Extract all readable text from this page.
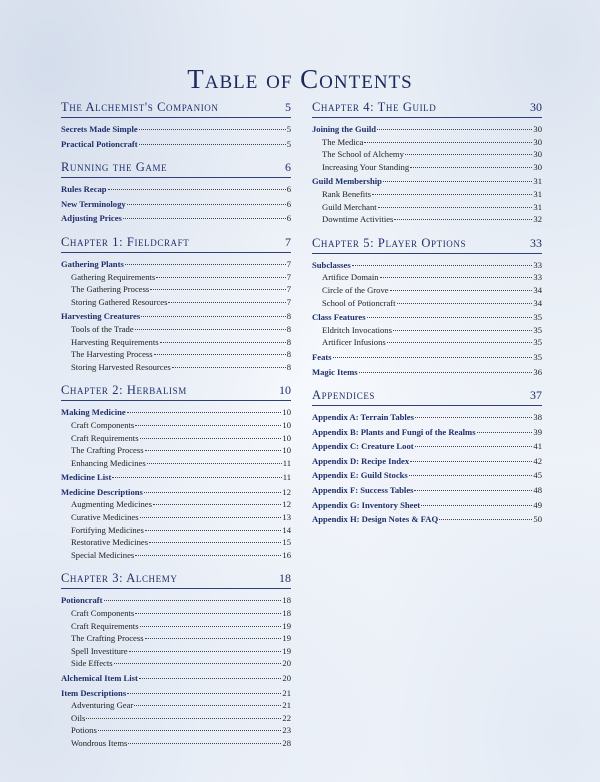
Table of Contents
The Alchemist's Companion	5
Secrets Made Simple	5
Practical Potioncraft	5
Running the Game	6
Rules Recap	6
New Terminology	6
Adjusting Prices	6
Chapter 1: Fieldcraft	7
Gathering Plants	7
Gathering Requirements	7
The Gathering Process	7
Storing Gathered Resources	7
Harvesting Creatures	8
Tools of the Trade	8
Harvesting Requirements	8
The Harvesting Process	8
Storing Harvested Resources	8
Chapter 2: Herbalism	10
Making Medicine	10
Craft Components	10
Craft Requirements	10
The Crafting Process	10
Enhancing Medicines	11
Medicine List	11
Medicine Descriptions	12
Augmenting Medicines	12
Curative Medicines	13
Fortifying Medicines	14
Restorative Medicines	15
Special Medicines	16
Chapter 3: Alchemy	18
Potioncraft	18
Craft Components	18
Craft Requirements	19
The Crafting Process	19
Spell Investiture	19
Side Effects	20
Alchemical Item List	20
Item Descriptions	21
Adventuring Gear	21
Oils	22
Potions	23
Wondrous Items	28
Chapter 4: The Guild	30
Joining the Guild	30
The Medica	30
The School of Alchemy	30
Increasing Your Standing	30
Guild Membership	31
Rank Benefits	31
Guild Merchant	31
Downtime Activities	32
Chapter 5: Player Options	33
Subclasses	33
Artifice Domain	33
Circle of the Grove	34
School of Potioncraft	34
Class Features	35
Eldritch Invocations	35
Artificer Infusions	35
Feats	35
Magic Items	36
Appendices	37
Appendix A: Terrain Tables	38
Appendix B: Plants and Fungi of the Realms	39
Appendix C: Creature Loot	41
Appendix D: Recipe Index	42
Appendix E: Guild Stocks	45
Appendix F: Success Tables	48
Appendix G: Inventory Sheet	49
Appendix H: Design Notes & FAQ	50
